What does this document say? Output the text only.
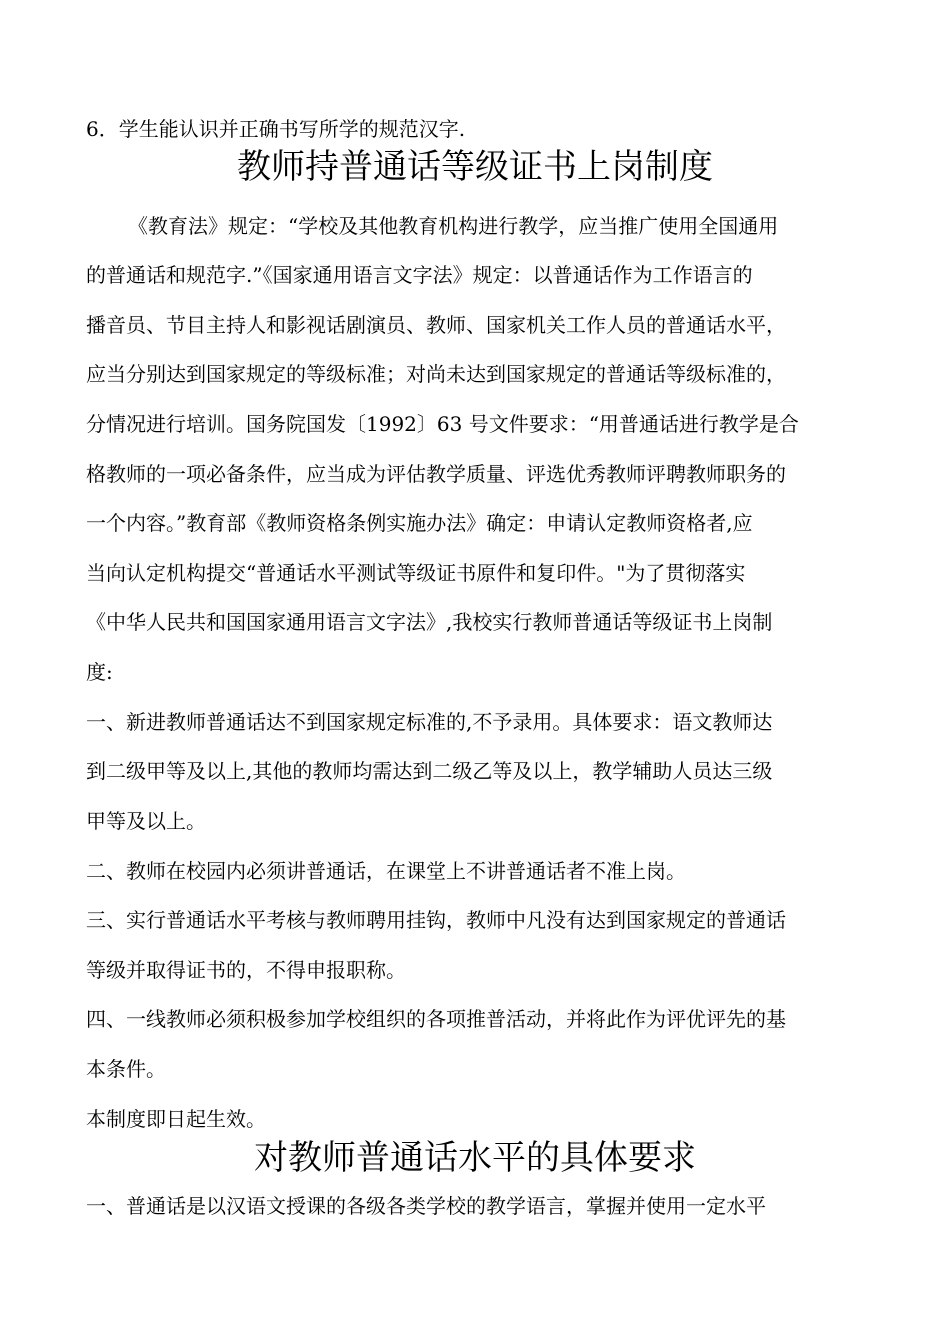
6．学生能认识并正确书写所学的规范汉字.
教师持普通话等级证书上岗制度
《教育法》规定：“学校及其他教育机构进行教学，应当推广使用全国通用
的普通话和规范字.”《国家通用语言文字法》规定：以普通话作为工作语言的
播音员、节目主持人和影视话剧演员、教师、国家机关工作人员的普通话水平，
应当分别达到国家规定的等级标准；对尚未达到国家规定的普通话等级标准的，
分情况进行培训。国务院国发〔1992〕63 号文件要求：“用普通话进行教学是合
格教师的一项必备条件，应当成为评估教学质量、评选优秀教师评聘教师职务的
一个内容。”教育部《教师资格条例实施办法》确定：申请认定教师资格者,应
当向认定机构提交“普通话水平测试等级证书原件和复印件。"为了贯彻落实
《中华人民共和国国家通用语言文字法》,我校实行教师普通话等级证书上岗制
度:
一、新进教师普通话达不到国家规定标准的,不予录用。具体要求：语文教师达
到二级甲等及以上,其他的教师均需达到二级乙等及以上，教学辅助人员达三级
甲等及以上。
二、教师在校园内必须讲普通话，在课堂上不讲普通话者不准上岗。
三、实行普通话水平考核与教师聘用挂钩，教师中凡没有达到国家规定的普通话
等级并取得证书的，不得申报职称。
四、一线教师必须积极参加学校组织的各项推普活动，并将此作为评优评先的基
本条件。
本制度即日起生效。
对教师普通话水平的具体要求
一、普通话是以汉语文授课的各级各类学校的教学语言，掌握并使用一定水平
